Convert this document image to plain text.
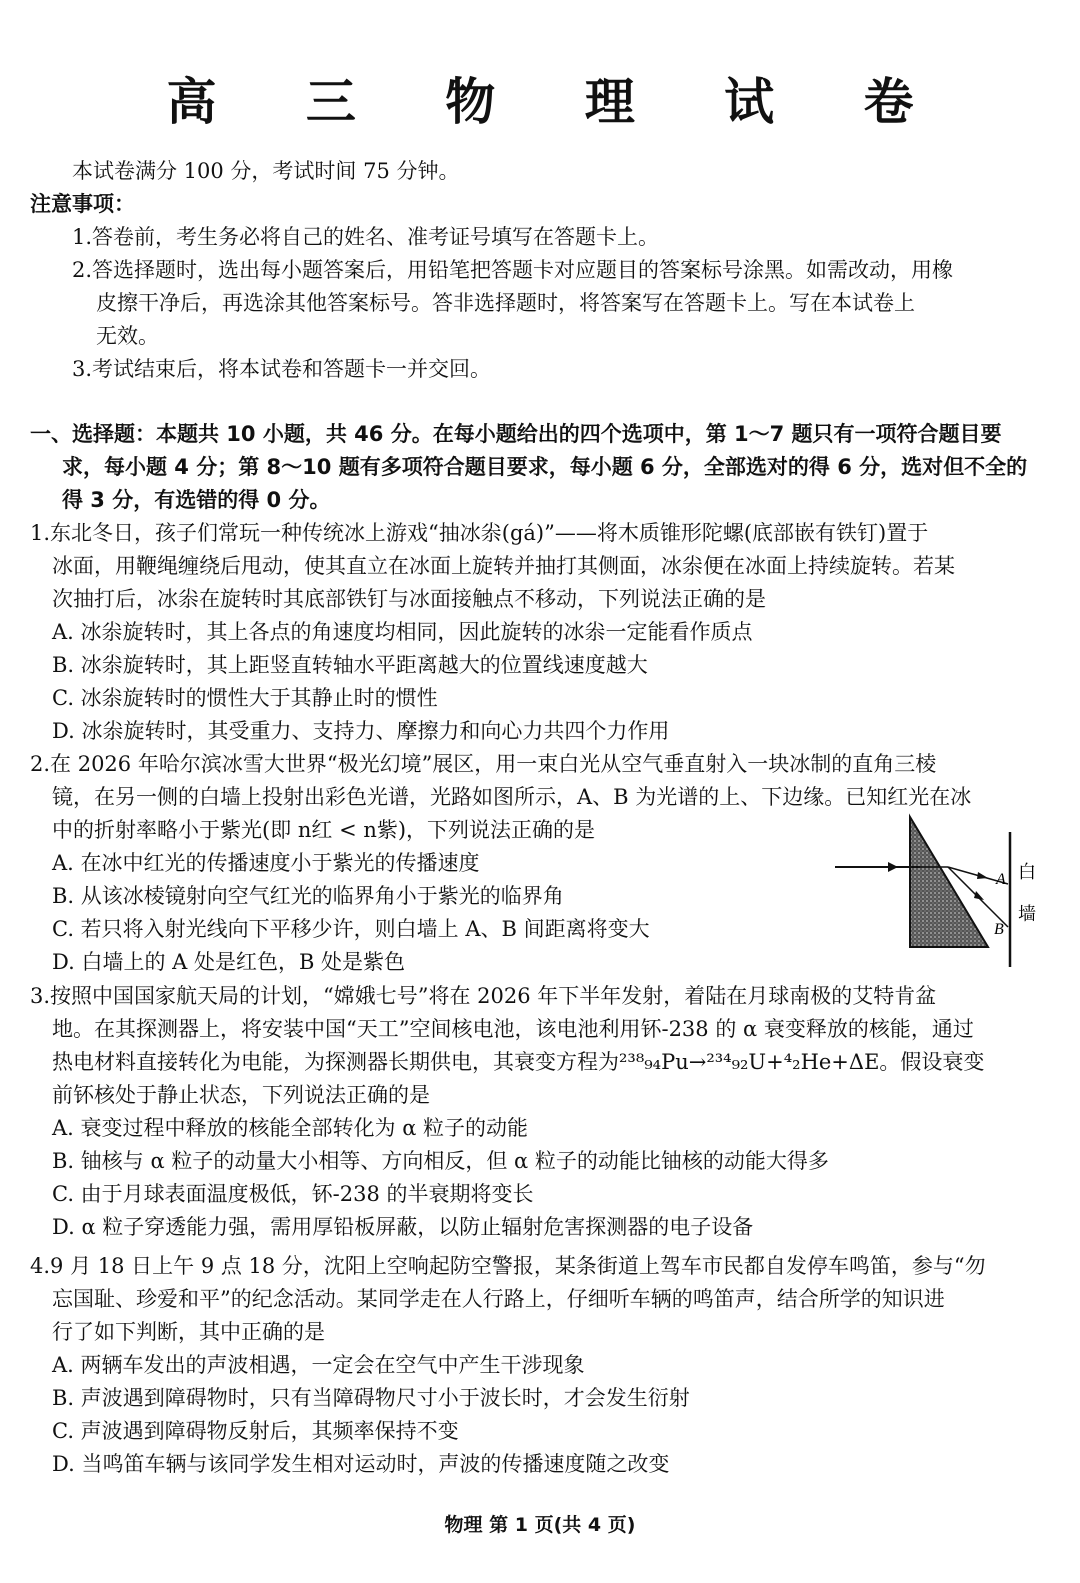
高 三 物 理 试 卷
本试卷满分 100 分，考试时间 75 分钟。
注意事项：
1.答卷前，考生务必将自己的姓名、准考证号填写在答题卡上。
2.答选择题时，选出每小题答案后，用铅笔把答题卡对应题目的答案标号涂黑。如需改动，用橡
皮擦干净后，再选涂其他答案标号。答非选择题时，将答案写在答题卡上。写在本试卷上
无效。
3.考试结束后，将本试卷和答题卡一并交回。
一、选择题：本题共 10 小题，共 46 分。在每小题给出的四个选项中，第 1～7 题只有一项符合题目要
求，每小题 4 分；第 8～10 题有多项符合题目要求，每小题 6 分，全部选对的得 6 分，选对但不全的
得 3 分，有选错的得 0 分。
1.东北冬日，孩子们常玩一种传统冰上游戏“抽冰尜(gá)”——将木质锥形陀螺(底部嵌有铁钉)置于
冰面，用鞭绳缠绕后甩动，使其直立在冰面上旋转并抽打其侧面，冰尜便在冰面上持续旋转。若某
次抽打后，冰尜在旋转时其底部铁钉与冰面接触点不移动，下列说法正确的是
A. 冰尜旋转时，其上各点的角速度均相同，因此旋转的冰尜一定能看作质点
B. 冰尜旋转时，其上距竖直转轴水平距离越大的位置线速度越大
C. 冰尜旋转时的惯性大于其静止时的惯性
D. 冰尜旋转时，其受重力、支持力、摩擦力和向心力共四个力作用
2.在 2026 年哈尔滨冰雪大世界“极光幻境”展区，用一束白光从空气垂直射入一块冰制的直角三棱
镜，在另一侧的白墙上投射出彩色光谱，光路如图所示，A、B 为光谱的上、下边缘。已知红光在冰
中的折射率略小于紫光(即 n红 < n紫)，下列说法正确的是
A. 在冰中红光的传播速度小于紫光的传播速度
B. 从该冰棱镜射向空气红光的临界角小于紫光的临界角
C. 若只将入射光线向下平移少许，则白墙上 A、B 间距离将变大
D. 白墙上的 A 处是红色，B 处是紫色
A
B
白
墙
3.按照中国国家航天局的计划，“嫦娥七号”将在 2026 年下半年发射，着陆在月球南极的艾特肯盆
地。在其探测器上，将安装中国“天工”空间核电池，该电池利用钚-238 的 α 衰变释放的核能，通过
热电材料直接转化为电能，为探测器长期供电，其衰变方程为²³⁸₉₄Pu→²³⁴₉₂U+⁴₂He+ΔE。假设衰变
前钚核处于静止状态，下列说法正确的是
A. 衰变过程中释放的核能全部转化为 α 粒子的动能
B. 铀核与 α 粒子的动量大小相等、方向相反，但 α 粒子的动能比铀核的动能大得多
C. 由于月球表面温度极低，钚-238 的半衰期将变长
D. α 粒子穿透能力强，需用厚铅板屏蔽，以防止辐射危害探测器的电子设备
4.9 月 18 日上午 9 点 18 分，沈阳上空响起防空警报，某条街道上驾车市民都自发停车鸣笛，参与“勿
忘国耻、珍爱和平”的纪念活动。某同学走在人行路上，仔细听车辆的鸣笛声，结合所学的知识进
行了如下判断，其中正确的是
A. 两辆车发出的声波相遇，一定会在空气中产生干涉现象
B. 声波遇到障碍物时，只有当障碍物尺寸小于波长时，才会发生衍射
C. 声波遇到障碍物反射后，其频率保持不变
D. 当鸣笛车辆与该同学发生相对运动时，声波的传播速度随之改变
物理 第 1 页(共 4 页)
